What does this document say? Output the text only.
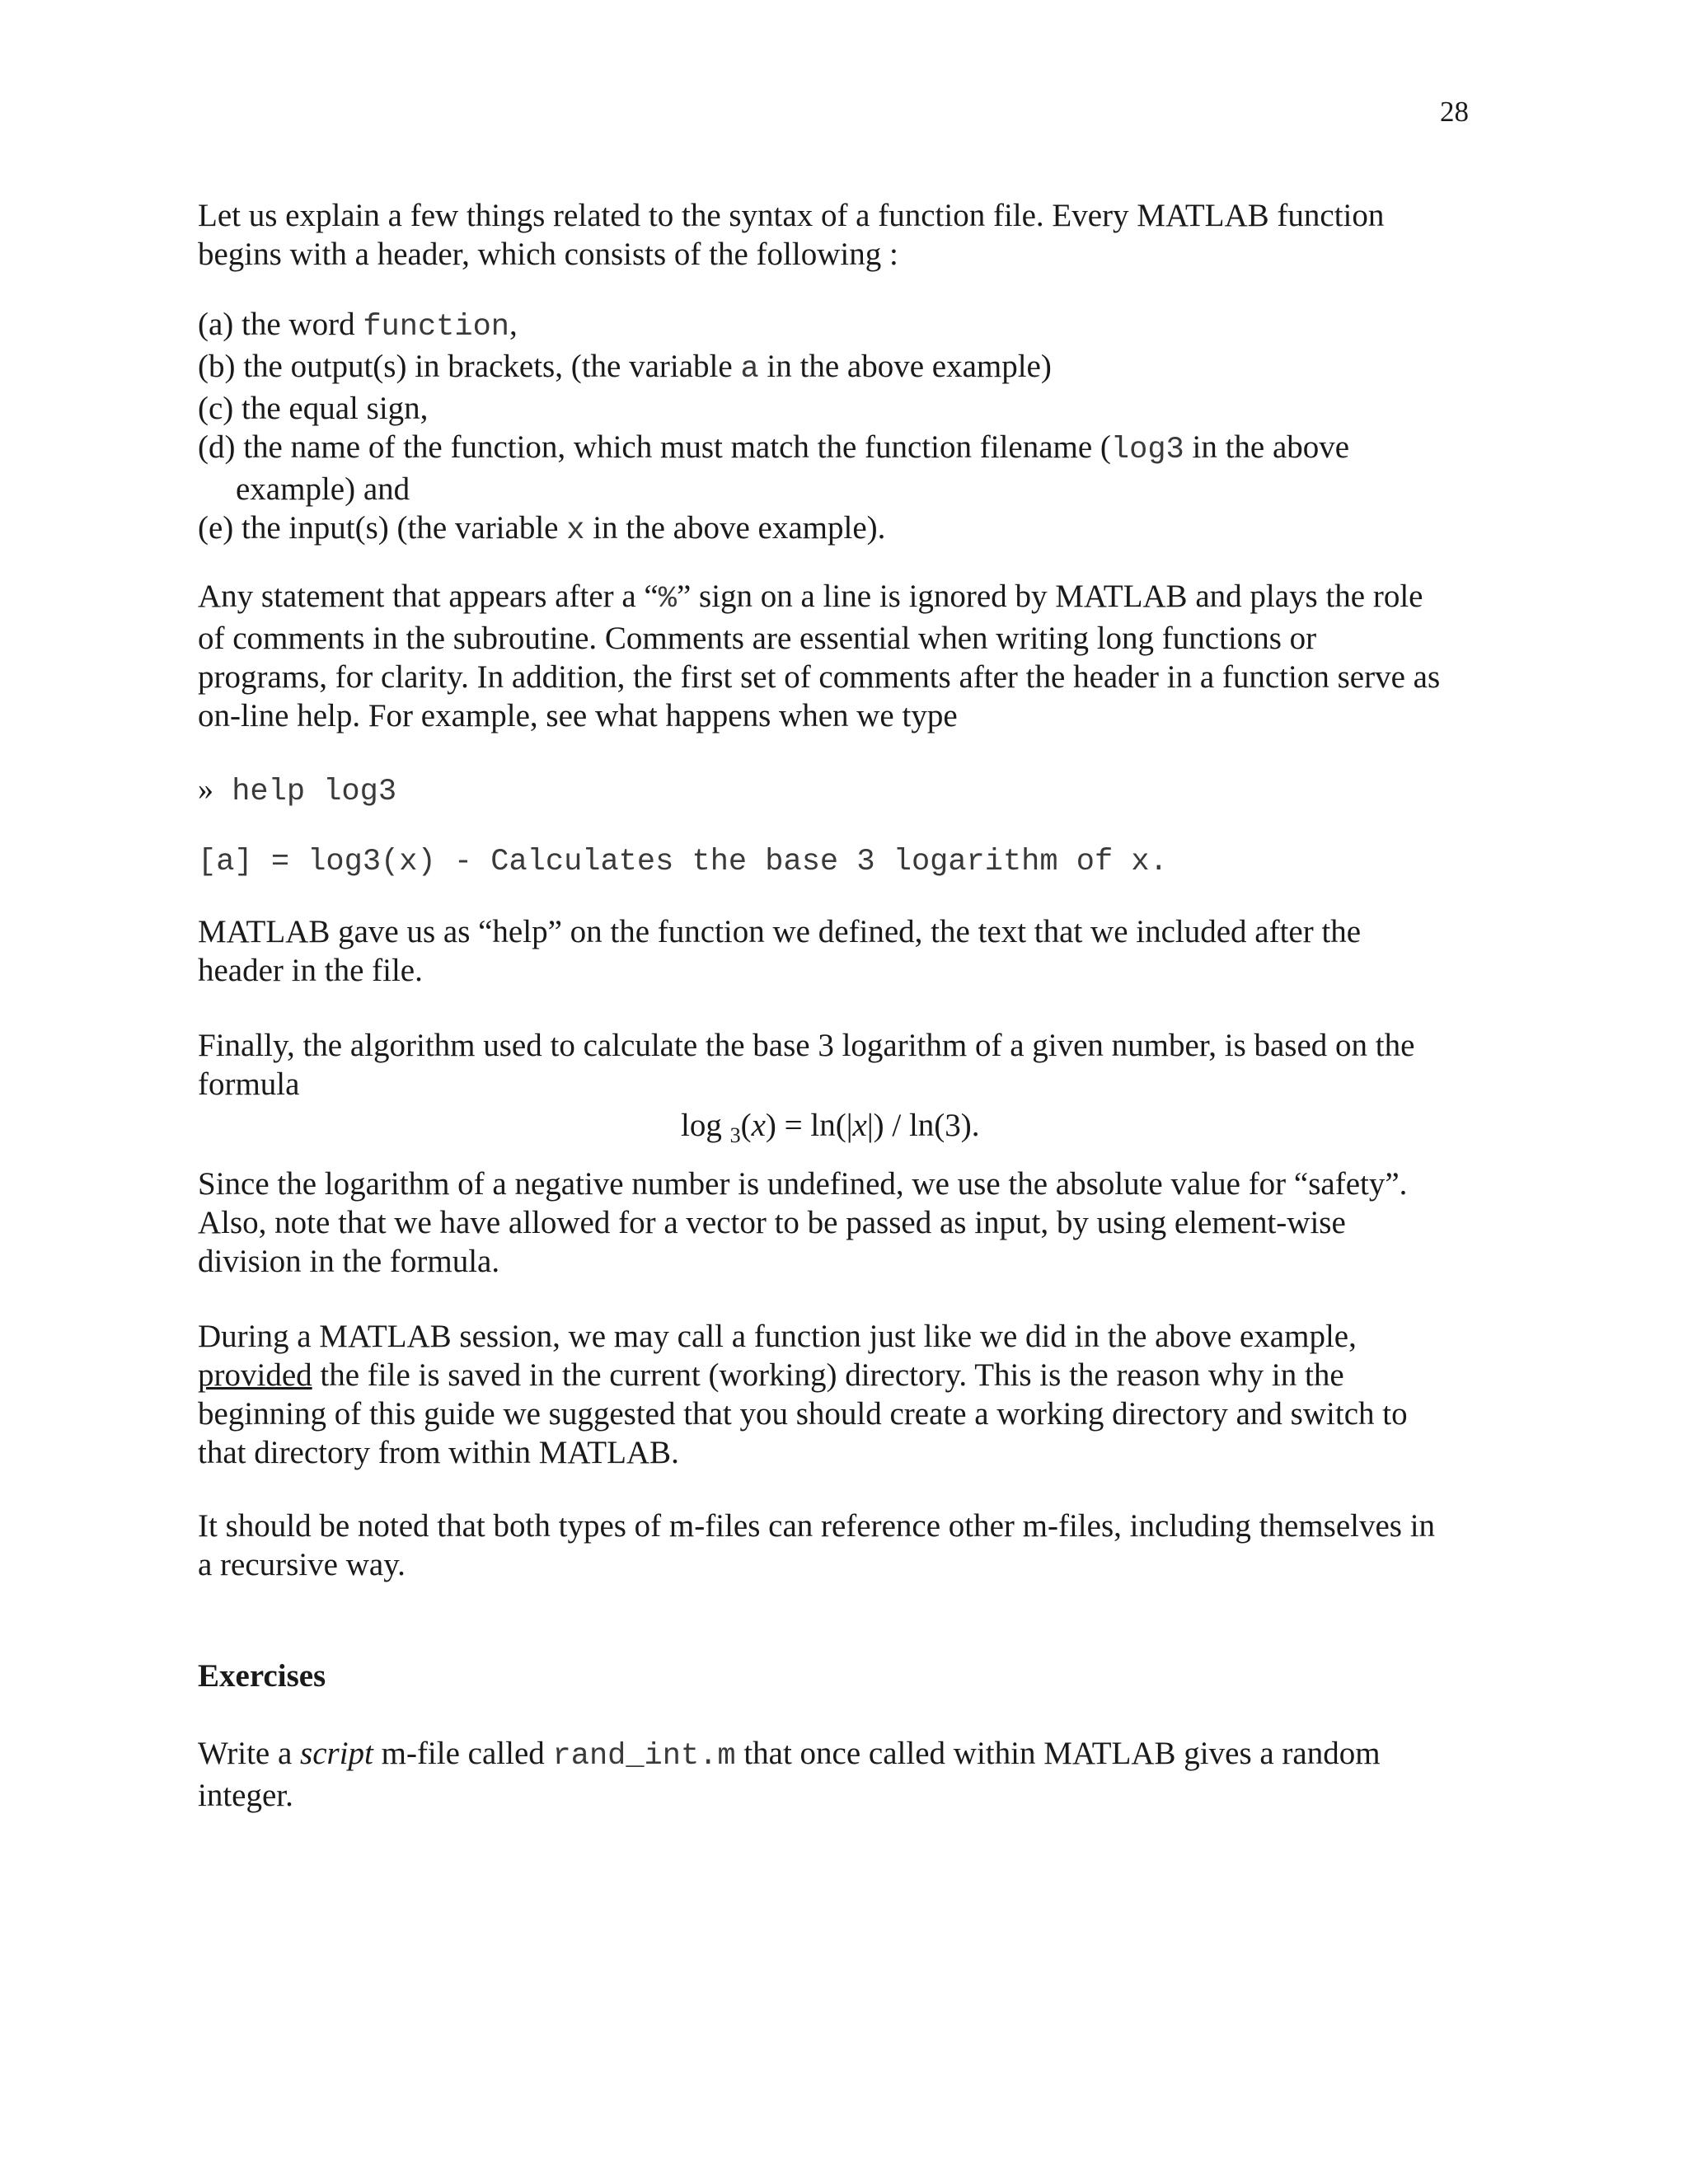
28
Let us explain a few things related to the syntax of a function file. Every MATLAB function
begins with a header, which consists of the following :
(a) the word function,
(b) the output(s) in brackets, (the variable a in the above example)
(c) the equal sign,
(d) the name of the function, which must match the function filename (log3 in the above
example) and
(e) the input(s) (the variable x in the above example).
Any statement that appears after a “%” sign on a line is ignored by MATLAB and plays the role
of comments in the subroutine. Comments are essential when writing long functions or
programs, for clarity. In addition, the first set of comments after the header in a function serve as
on-line help. For example, see what happens when we type
» help log3
[a] = log3(x) - Calculates the base 3 logarithm of x.
MATLAB gave us as “help” on the function we defined, the text that we included after the
header in the file.
Finally, the algorithm used to calculate the base 3 logarithm of a given number, is based on the
formula
log $_3$(x) = ln(|x|) / ln(3).
Since the logarithm of a negative number is undefined, we use the absolute value for “safety”.
Also, note that we have allowed for a vector to be passed as input, by using element-wise
division in the formula.
During a MATLAB session, we may call a function just like we did in the above example,
provided the file is saved in the current (working) directory. This is the reason why in the
beginning of this guide we suggested that you should create a working directory and switch to
that directory from within MATLAB.
It should be noted that both types of m-files can reference other m-files, including themselves in
a recursive way.
Exercises
Write a script m-file called rand_int.m that once called within MATLAB gives a random
integer.
